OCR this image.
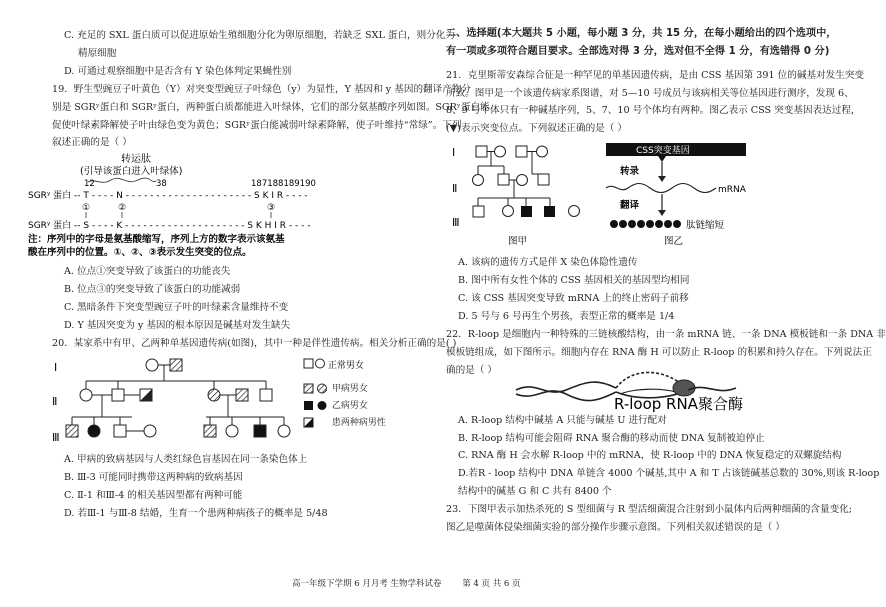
C. 充足的 SXL 蛋白质可以促进原始生殖细胞分化为卵原细胞，若缺乏 SXL 蛋白，则分化为

精原细胞

D. 可通过观察细胞中是否含有 Y 染色体判定果蝇性别

19．野生型豌豆子叶黄色（Y）对突变型豌豆子叶绿色（y）为显性，Y 基因和 y 基因的翻译产物分

别是 SGRʸ蛋白和 SGRʸ蛋白，两种蛋白质都能进入叶绿体，它们的部分氨基酸序列如图。SGRʸ蛋白能

促使叶绿素降解使子叶由绿色变为黄色；SGRʸ蛋白能减弱叶绿素降解，使子叶维持“常绿”。下列

叙述正确的是（ ）

转运肽
(引导该蛋白进入叶绿体)
12	38	187188189190
SGRʸ 蛋白 -- T - - - - N - - - - - - - - - - - - - - - - - - - - - S K I R - - - -
①	②	③
SGRʸ 蛋白 -- S - - - - K - - - - - - - - - - - - - - - - - - - - S K H I R - - - -
注：序列中的字母是氨基酸缩写，序列上方的数字表示该氨基
酸在序列中的位置。①、②、③表示发生突变的位点。

A. 位点①突变导致了该蛋白的功能丧失

B. 位点③的突变导致了该蛋白的功能减弱

C. 黑暗条件下突变型豌豆子叶的叶绿素含量维持不变

D. Y 基因突变为 y 基因的根本原因是碱基对发生缺失

20．某家系中有甲、乙两种单基因遗传病(如图)，其中一种是伴性遗传病。相关分析正确的是( )

Ⅰ
Ⅱ
Ⅲ
正常男女

A. 甲病的致病基因与人类红绿色盲基因在同一条染色体上

B. Ⅲ-3 可能同时携带这两种病的致病基因

C. Ⅱ-1 和Ⅲ-4 的相关基因型都有两种可能

D. 若Ⅲ-1 与Ⅲ-8 结婚，生育一个患两种病孩子的概率是 5/48

甲病男女
乙病男女
患两种病男性

二、选择题(本大题共 5 小题，每小题 3 分，共 15 分，在每小题给出的四个选项中，

有一项或多项符合题目要求。全部选对得 3 分，选对但不全得 1 分，有选错得 0 分)

21．克里斯蒂安森综合征是一种罕见的单基因遗传病，是由 CSS 基因第 391 位的碱基对发生突变

所致。图甲是一个该遗传病家系图谱，对 5—10 号成员与该病相关等位基因进行测序，发现 6、

8、9 号个体只有一种碱基序列，5、7、10 号个体均有两种。图乙表示 CSS 突变基因表达过程，

(▼)表示突变位点。下列叙述正确的是（ ）

Ⅰ
Ⅱ
Ⅲ
图甲
CSS突变基因
转录
mRNA
翻译
肽链缩短
图乙

A. 该病的遗传方式是伴 X 染色体隐性遗传

B. 图中所有女性个体的 CSS 基因相关的基因型均相同

C. 该 CSS 基因突变导致 mRNA 上的终止密码子前移

D. 5 号与 6 号再生个男孩，表型正常的概率是 1/4

22．R-loop 是细胞内一种特殊的三链核酸结构，由一条 mRNA 链、一条 DNA 模板链和一条 DNA 非

模板链组成，如下图所示。细胞内存在 RNA 酶 H 可以防止 R-loop 的积累和持久存在。下列说法正

确的是（ ）

R-loop RNA聚合酶

A. R-loop 结构中碱基 A 只能与碱基 U 进行配对

B. R-loop 结构可能会阻碍 RNA 聚合酶的移动而使 DNA 复制被迫停止

C. RNA 酶 H 会水解 R-loop 中的 mRNA，使 R-loop 中的 DNA 恢复稳定的双螺旋结构

D.若R - loop 结构中 DNA 单链含 4000 个碱基,其中 A 和 T 占该链碱基总数的 30%,则该 R-loop

结构中的碱基 G 和 C 共有 8400 个

23．下图甲表示加热杀死的 S 型细菌与 R 型活细菌混合注射到小鼠体内后两种细菌的含量变化;

图乙是噬菌体侵染细菌实验的部分操作步骤示意图。下列相关叙述错误的是（ ）

高一年级下学期 6 月月考 生物学科试卷 第 4 页 共 6 页
